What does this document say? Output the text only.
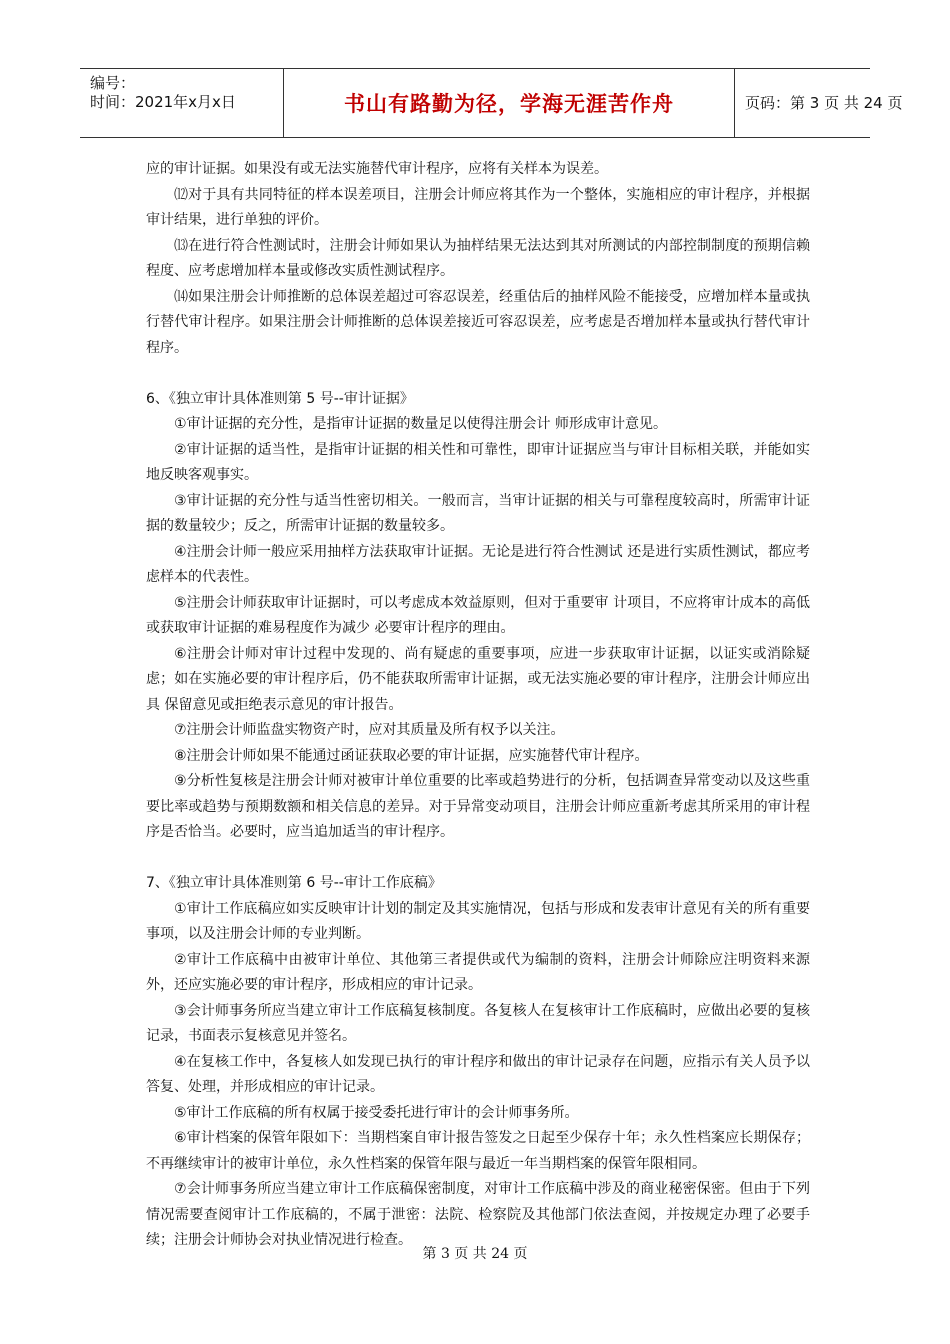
编号：
时间：2021年x月x日	书山有路勤为径，学海无涯苦作舟	页码：第 3 页 共 24 页

应的审计证据。如果没有或无法实施替代审计程序，应将有关样本为误差。

⑿对于具有共同特征的样本误差项目，注册会计师应将其作为一个整体，实施相应的审计程序，并根据审计结果，进行单独的评价。

⒀在进行符合性测试时，注册会计师如果认为抽样结果无法达到其对所测试的内部控制制度的预期信赖程度、应考虑增加样本量或修改实质性测试程序。

⒁如果注册会计师推断的总体误差超过可容忍误差，经重估后的抽样风险不能接受，应增加样本量或执行替代审计程序。如果注册会计师推断的总体误差接近可容忍误差，应考虑是否增加样本量或执行替代审计程序。

6、《独立审计具体准则第 5 号--审计证据》

①审计证据的充分性，是指审计证据的数量足以使得注册会计 师形成审计意见。

②审计证据的适当性，是指审计证据的相关性和可靠性，即审计证据应当与审计目标相关联，并能如实地反映客观事实。

③审计证据的充分性与适当性密切相关。一般而言，当审计证据的相关与可靠程度较高时，所需审计证据的数量较少；反之，所需审计证据的数量较多。

④注册会计师一般应采用抽样方法获取审计证据。无论是进行符合性测试 还是进行实质性测试，都应考虑样本的代表性。

⑤注册会计师获取审计证据时，可以考虑成本效益原则，但对于重要审 计项目，不应将审计成本的高低或获取审计证据的难易程度作为减少 必要审计程序的理由。

⑥注册会计师对审计过程中发现的、尚有疑虑的重要事项，应进一步获取审计证据，以证实或消除疑虑；如在实施必要的审计程序后，仍不能获取所需审计证据，或无法实施必要的审计程序，注册会计师应出具 保留意见或拒绝表示意见的审计报告。

⑦注册会计师监盘实物资产时，应对其质量及所有权予以关注。

⑧注册会计师如果不能通过函证获取必要的审计证据，应实施替代审计程序。

⑨分析性复核是注册会计师对被审计单位重要的比率或趋势进行的分析，包括调查异常变动以及这些重要比率或趋势与预期数额和相关信息的差异。对于异常变动项目，注册会计师应重新考虑其所采用的审计程序是否恰当。必要时，应当追加适当的审计程序。

7、《独立审计具体准则第 6 号--审计工作底稿》

①审计工作底稿应如实反映审计计划的制定及其实施情况，包括与形成和发表审计意见有关的所有重要事项，以及注册会计师的专业判断。

②审计工作底稿中由被审计单位、其他第三者提供或代为编制的资料，注册会计师除应注明资料来源外，还应实施必要的审计程序，形成相应的审计记录。

③会计师事务所应当建立审计工作底稿复核制度。各复核人在复核审计工作底稿时，应做出必要的复核记录，书面表示复核意见并签名。

④在复核工作中，各复核人如发现已执行的审计程序和做出的审计记录存在问题，应指示有关人员予以答复、处理，并形成相应的审计记录。

⑤审计工作底稿的所有权属于接受委托进行审计的会计师事务所。

⑥审计档案的保管年限如下：当期档案自审计报告签发之日起至少保存十年；永久性档案应长期保存；不再继续审计的被审计单位，永久性档案的保管年限与最近一年当期档案的保管年限相同。

⑦会计师事务所应当建立审计工作底稿保密制度，对审计工作底稿中涉及的商业秘密保密。但由于下列情况需要查阅审计工作底稿的，不属于泄密：法院、检察院及其他部门依法查阅，并按规定办理了必要手续；注册会计师协会对执业情况进行检查。

第 3 页 共 24 页
